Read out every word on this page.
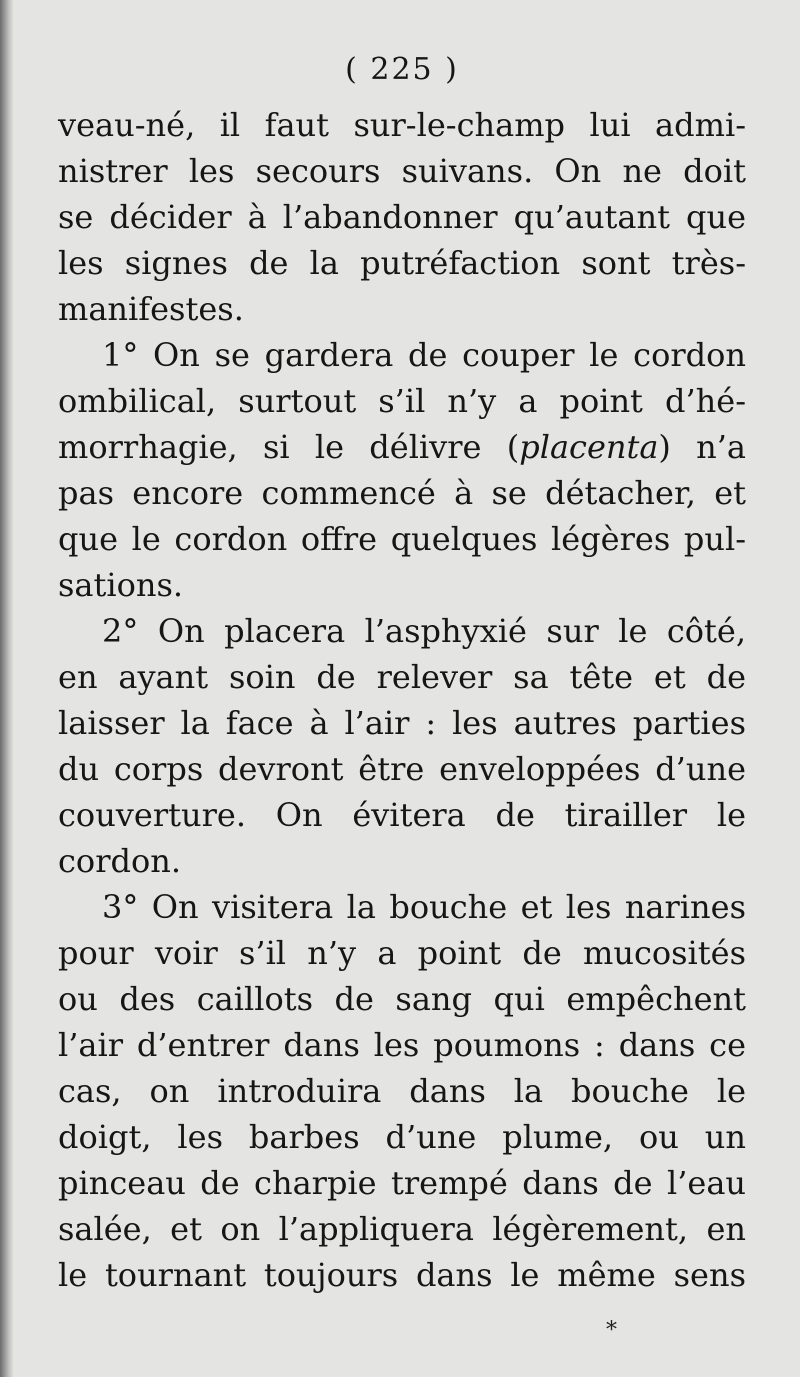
( 225 )
veau-né, il faut sur-le-champ lui admi-
nistrer les secours suivans. On ne doit
se décider à l’abandonner qu’autant que
les signes de la putréfaction sont très-
manifestes.
1° On se gardera de couper le cordon
ombilical, surtout s’il n’y a point d’hé-
morrhagie, si le délivre (placenta) n’a
pas encore commencé à se détacher, et
que le cordon offre quelques légères pul-
sations.
2° On placera l’asphyxié sur le côté,
en ayant soin de relever sa tête et de
laisser la face à l’air : les autres parties
du corps devront être enveloppées d’une
couverture. On évitera de tirailler le
cordon.
3° On visitera la bouche et les narines
pour voir s’il n’y a point de mucosités
ou des caillots de sang qui empêchent
l’air d’entrer dans les poumons : dans ce
cas, on introduira dans la bouche le
doigt, les barbes d’une plume, ou un
pinceau de charpie trempé dans de l’eau
salée, et on l’appliquera légèrement, en
le tournant toujours dans le même sens
*
